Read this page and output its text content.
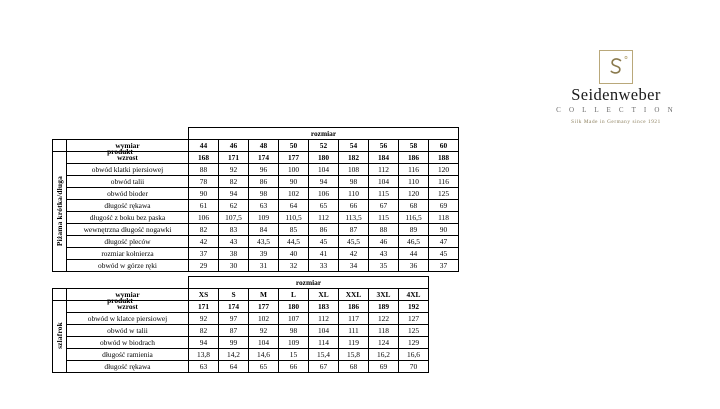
Seidenweber
C O L L E C T I O N
Silk Made in Germany since 1921
		rozmiar								
	wymiar	44	46	48	50	52	54	56	58	60
Piżama krótka/długa	wzrost	168	171	174	177	180	182	184	186	188
	obwód klatki piersiowej	88	92	96	100	104	108	112	116	120
	obwód talii	78	82	86	90	94	98	104	110	116
	obwód bioder	90	94	98	102	106	110	115	120	125
	długość rękawa	61	62	63	64	65	66	67	68	69
	długość z boku bez paska	106	107,5	109	110,5	112	113,5	115	116,5	118
	wewnętrzna długość nogawki	82	83	84	85	86	87	88	89	90
	długość pleców	42	43	43,5	44,5	45	45,5	46	46,5	47
	rozmiar kołnierza	37	38	39	40	41	42	43	44	45
	obwód w górze ręki	29	30	31	32	33	34	35	36	37
produkt
		rozmiar							
	wymiar	XS	S	M	L	XL	XXL	3XL	4XL
szlafrok	wzrost	171	174	177	180	183	186	189	192
	obwód w klatce piersiowej	92	97	102	107	112	117	122	127
	obwód w talii	82	87	92	98	104	111	118	125
	obwód w biodrach	94	99	104	109	114	119	124	129
	długość ramienia	13,8	14,2	14,6	15	15,4	15,8	16,2	16,6
	długość rękawa	63	64	65	66	67	68	69	70
produkt
